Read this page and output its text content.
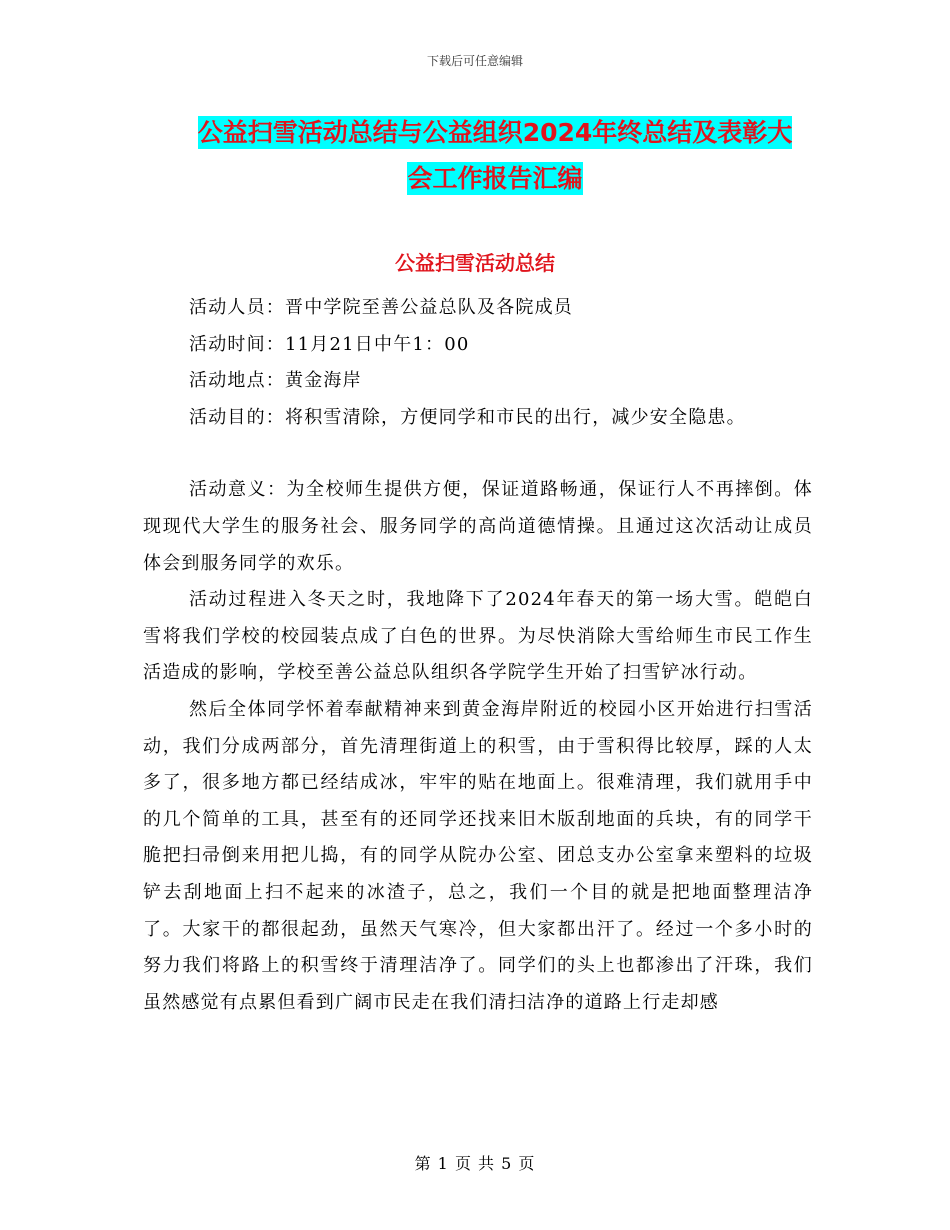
下载后可任意编辑
公益扫雪活动总结与公益组织2024年终总结及表彰大
会工作报告汇编
公益扫雪活动总结

活动人员：晋中学院至善公益总队及各院成员

活动时间：11月21日中午1：00

活动地点：黄金海岸

活动目的：将积雪清除，方便同学和市民的出行，减少安全隐患。

活动意义：为全校师生提供方便，保证道路畅通，保证行人不再摔倒。体现现代大学生的服务社会、服务同学的高尚道德情操。且通过这次活动让成员体会到服务同学的欢乐。

活动过程进入冬天之时，我地降下了2024年春天的第一场大雪。皑皑白雪将我们学校的校园装点成了白色的世界。为尽快消除大雪给师生市民工作生活造成的影响，学校至善公益总队组织各学院学生开始了扫雪铲冰行动。

然后全体同学怀着奉献精神来到黄金海岸附近的校园小区开始进行扫雪活动，我们分成两部分，首先清理街道上的积雪，由于雪积得比较厚，踩的人太多了，很多地方都已经结成冰，牢牢的贴在地面上。很难清理，我们就用手中的几个简单的工具，甚至有的还同学还找来旧木版刮地面的兵块，有的同学干脆把扫帚倒来用把儿捣，有的同学从院办公室、团总支办公室拿来塑料的垃圾铲去刮地面上扫不起来的冰渣子，总之，我们一个目的就是把地面整理洁净了。大家干的都很起劲，虽然天气寒冷，但大家都出汗了。经过一个多小时的努力我们将路上的积雪终于清理洁净了。同学们的头上也都渗出了汗珠，我们虽然感觉有点累但看到广阔市民走在我们清扫洁净的道路上行走却感

第 1 页 共 5 页
